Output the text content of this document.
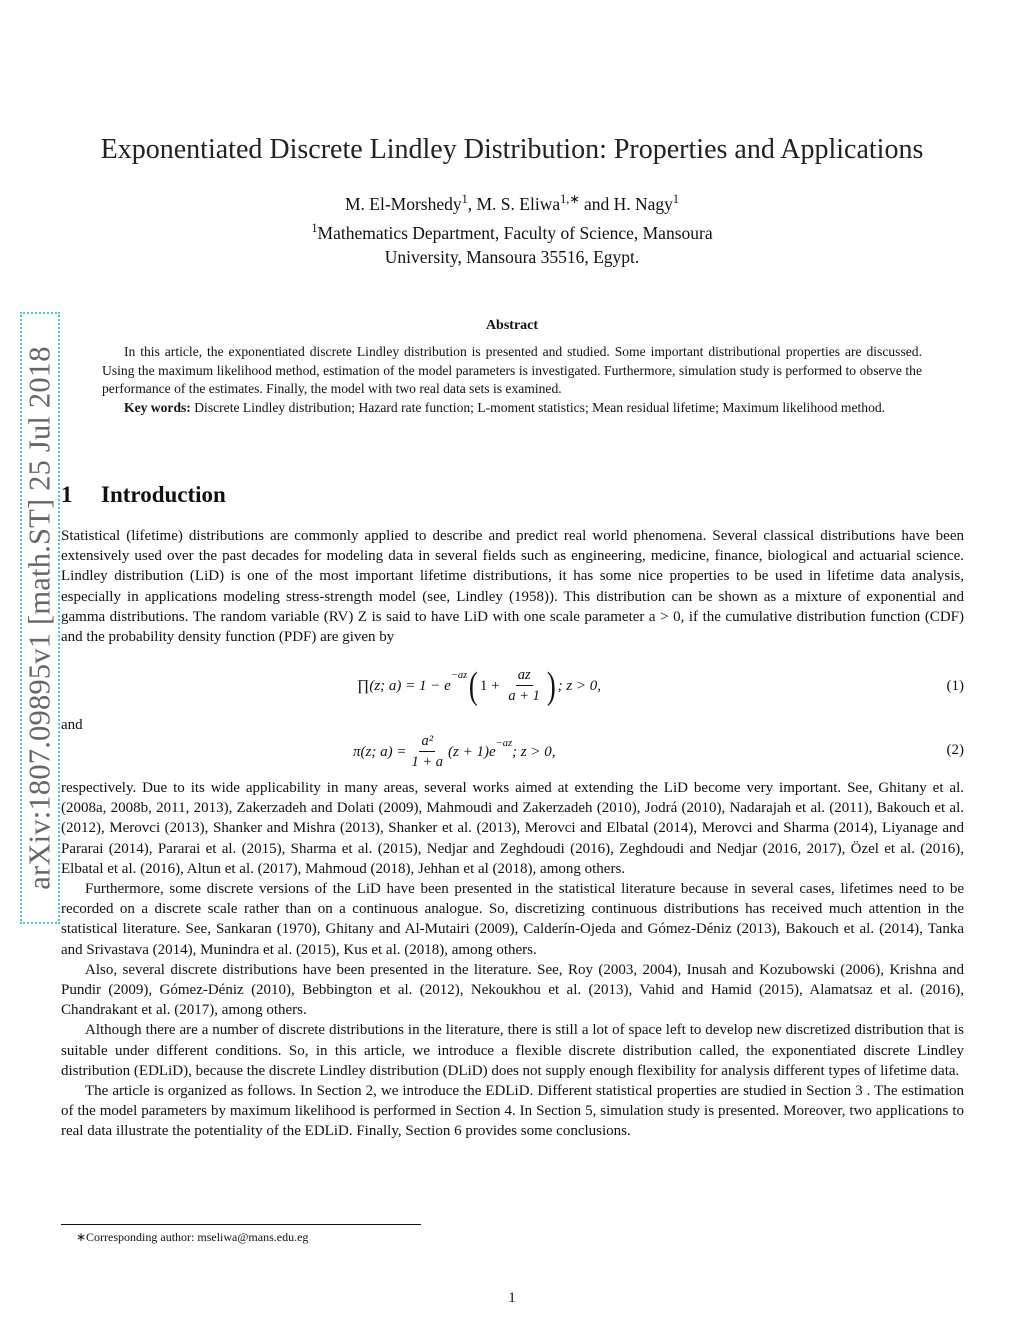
arXiv:1807.09895v1 [math.ST] 25 Jul 2018
Exponentiated Discrete Lindley Distribution: Properties and Applications
M. El-Morshedy$^1$, M. S. Eliwa$^{1,∗}$ and H. Nagy$^1$
$^1$Mathematics Department, Faculty of Science, Mansoura
University, Mansoura 35516, Egypt.
Abstract

In this article, the exponentiated discrete Lindley distribution is presented and studied. Some important distributional properties are discussed. Using the maximum likelihood method, estimation of the model parameters is investigated. Furthermore, simulation study is performed to observe the performance of the estimates. Finally, the model with two real data sets is examined.

Key words: Discrete Lindley distribution; Hazard rate function; L-moment statistics; Mean residual lifetime; Maximum likelihood method.

1 Introduction

Statistical (lifetime) distributions are commonly applied to describe and predict real world phenomena. Several classical distributions have been extensively used over the past decades for modeling data in several fields such as engineering, medicine, finance, biological and actuarial science. Lindley distribution (LiD) is one of the most important lifetime distributions, it has some nice properties to be used in lifetime data analysis, especially in applications modeling stress-strength model (see, Lindley (1958)). This distribution can be shown as a mixture of exponential and gamma distributions. The random variable (RV) Z is said to have LiD with one scale parameter a > 0, if the cumulative distribution function (CDF) and the probability density function (PDF) are given by

∏(z; a) = 1 − e
$^{-az}$ ( $1 + \frac{az}{a + 1}$ ) ; z > 0,	(1)

and

π(z; $a) = \frac{\text{a²}}{1 + a} (z + 1)e^{-az}$ ; z > 0,	(2)

respectively. Due to its wide applicability in many areas, several works aimed at extending the LiD become very important. See, Ghitany et al. (2008a, 2008b, 2011, 2013), Zakerzadeh and Dolati (2009), Mahmoudi and Zakerzadeh (2010), Jodrá (2010), Nadarajah et al. (2011), Bakouch et al. (2012), Merovci (2013), Shanker and Mishra (2013), Shanker et al. (2013), Merovci and Elbatal (2014), Merovci and Sharma (2014), Liyanage and Pararai (2014), Pararai et al. (2015), Sharma et al. (2015), Nedjar and Zeghdoudi (2016), Zeghdoudi and Nedjar (2016, 2017), Özel et al. (2016), Elbatal et al. (2016), Altun et al. (2017), Mahmoud (2018), Jehhan et al (2018), among others.

Furthermore, some discrete versions of the LiD have been presented in the statistical literature because in several cases, lifetimes need to be recorded on a discrete scale rather than on a continuous analogue. So, discretizing continuous distributions has received much attention in the statistical literature. See, Sankaran (1970), Ghitany and Al-Mutairi (2009), Calderín-Ojeda and Gómez-Déniz (2013), Bakouch et al. (2014), Tanka and Srivastava (2014), Munindra et al. (2015), Kus et al. (2018), among others.

Also, several discrete distributions have been presented in the literature. See, Roy (2003, 2004), Inusah and Kozubowski (2006), Krishna and Pundir (2009), Gómez-Déniz (2010), Bebbington et al. (2012), Nekoukhou et al. (2013), Vahid and Hamid (2015), Alamatsaz et al. (2016), Chandrakant et al. (2017), among others.

Although there are a number of discrete distributions in the literature, there is still a lot of space left to develop new discretized distribution that is suitable under different conditions. So, in this article, we introduce a flexible discrete distribution called, the exponentiated discrete Lindley distribution (EDLiD), because the discrete Lindley distribution (DLiD) does not supply enough flexibility for analysis different types of lifetime data.

The article is organized as follows. In Section 2, we introduce the EDLiD. Different statistical properties are studied in Section 3 . The estimation of the model parameters by maximum likelihood is performed in Section 4. In Section 5, simulation study is presented. Moreover, two applications to real data illustrate the potentiality of the EDLiD. Finally, Section 6 provides some conclusions.

∗Corresponding author: mseliwa@mans.edu.eg
1
